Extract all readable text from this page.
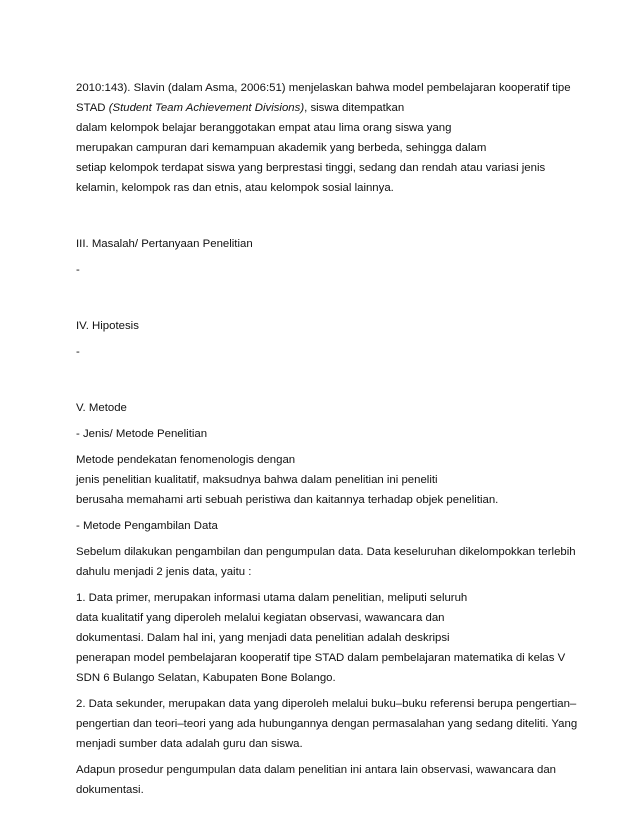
2010:143). Slavin (dalam Asma, 2006:51) menjelaskan bahwa model pembelajaran kooperatif tipe
STAD (Student Team Achievement Divisions), siswa ditempatkan
dalam kelompok belajar beranggotakan empat atau lima orang siswa yang
merupakan campuran dari kemampuan akademik yang berbeda, sehingga dalam
setiap kelompok terdapat siswa yang berprestasi tinggi, sedang dan rendah atau variasi jenis
kelamin, kelompok ras dan etnis, atau kelompok sosial lainnya.
III. Masalah/ Pertanyaan Penelitian
-
IV. Hipotesis
-
V. Metode
- Jenis/ Metode Penelitian
Metode pendekatan fenomenologis dengan
jenis penelitian kualitatif, maksudnya bahwa dalam penelitian ini peneliti
berusaha memahami arti sebuah peristiwa dan kaitannya terhadap objek penelitian.
- Metode Pengambilan Data
Sebelum dilakukan pengambilan dan pengumpulan data. Data keseluruhan dikelompokkan terlebih
dahulu menjadi 2 jenis data, yaitu :
1. Data primer, merupakan informasi utama dalam penelitian, meliputi seluruh
data kualitatif yang diperoleh melalui kegiatan observasi, wawancara dan
dokumentasi. Dalam hal ini, yang menjadi data penelitian adalah deskripsi
penerapan model pembelajaran kooperatif tipe STAD dalam pembelajaran matematika di kelas V
SDN 6 Bulango Selatan, Kabupaten Bone Bolango.
2. Data sekunder, merupakan data yang diperoleh melalui buku–buku referensi berupa pengertian–
pengertian dan teori–teori yang ada hubungannya dengan permasalahan yang sedang diteliti. Yang
menjadi sumber data adalah guru dan siswa.
Adapun prosedur pengumpulan data dalam penelitian ini antara lain observasi, wawancara dan
dokumentasi.
